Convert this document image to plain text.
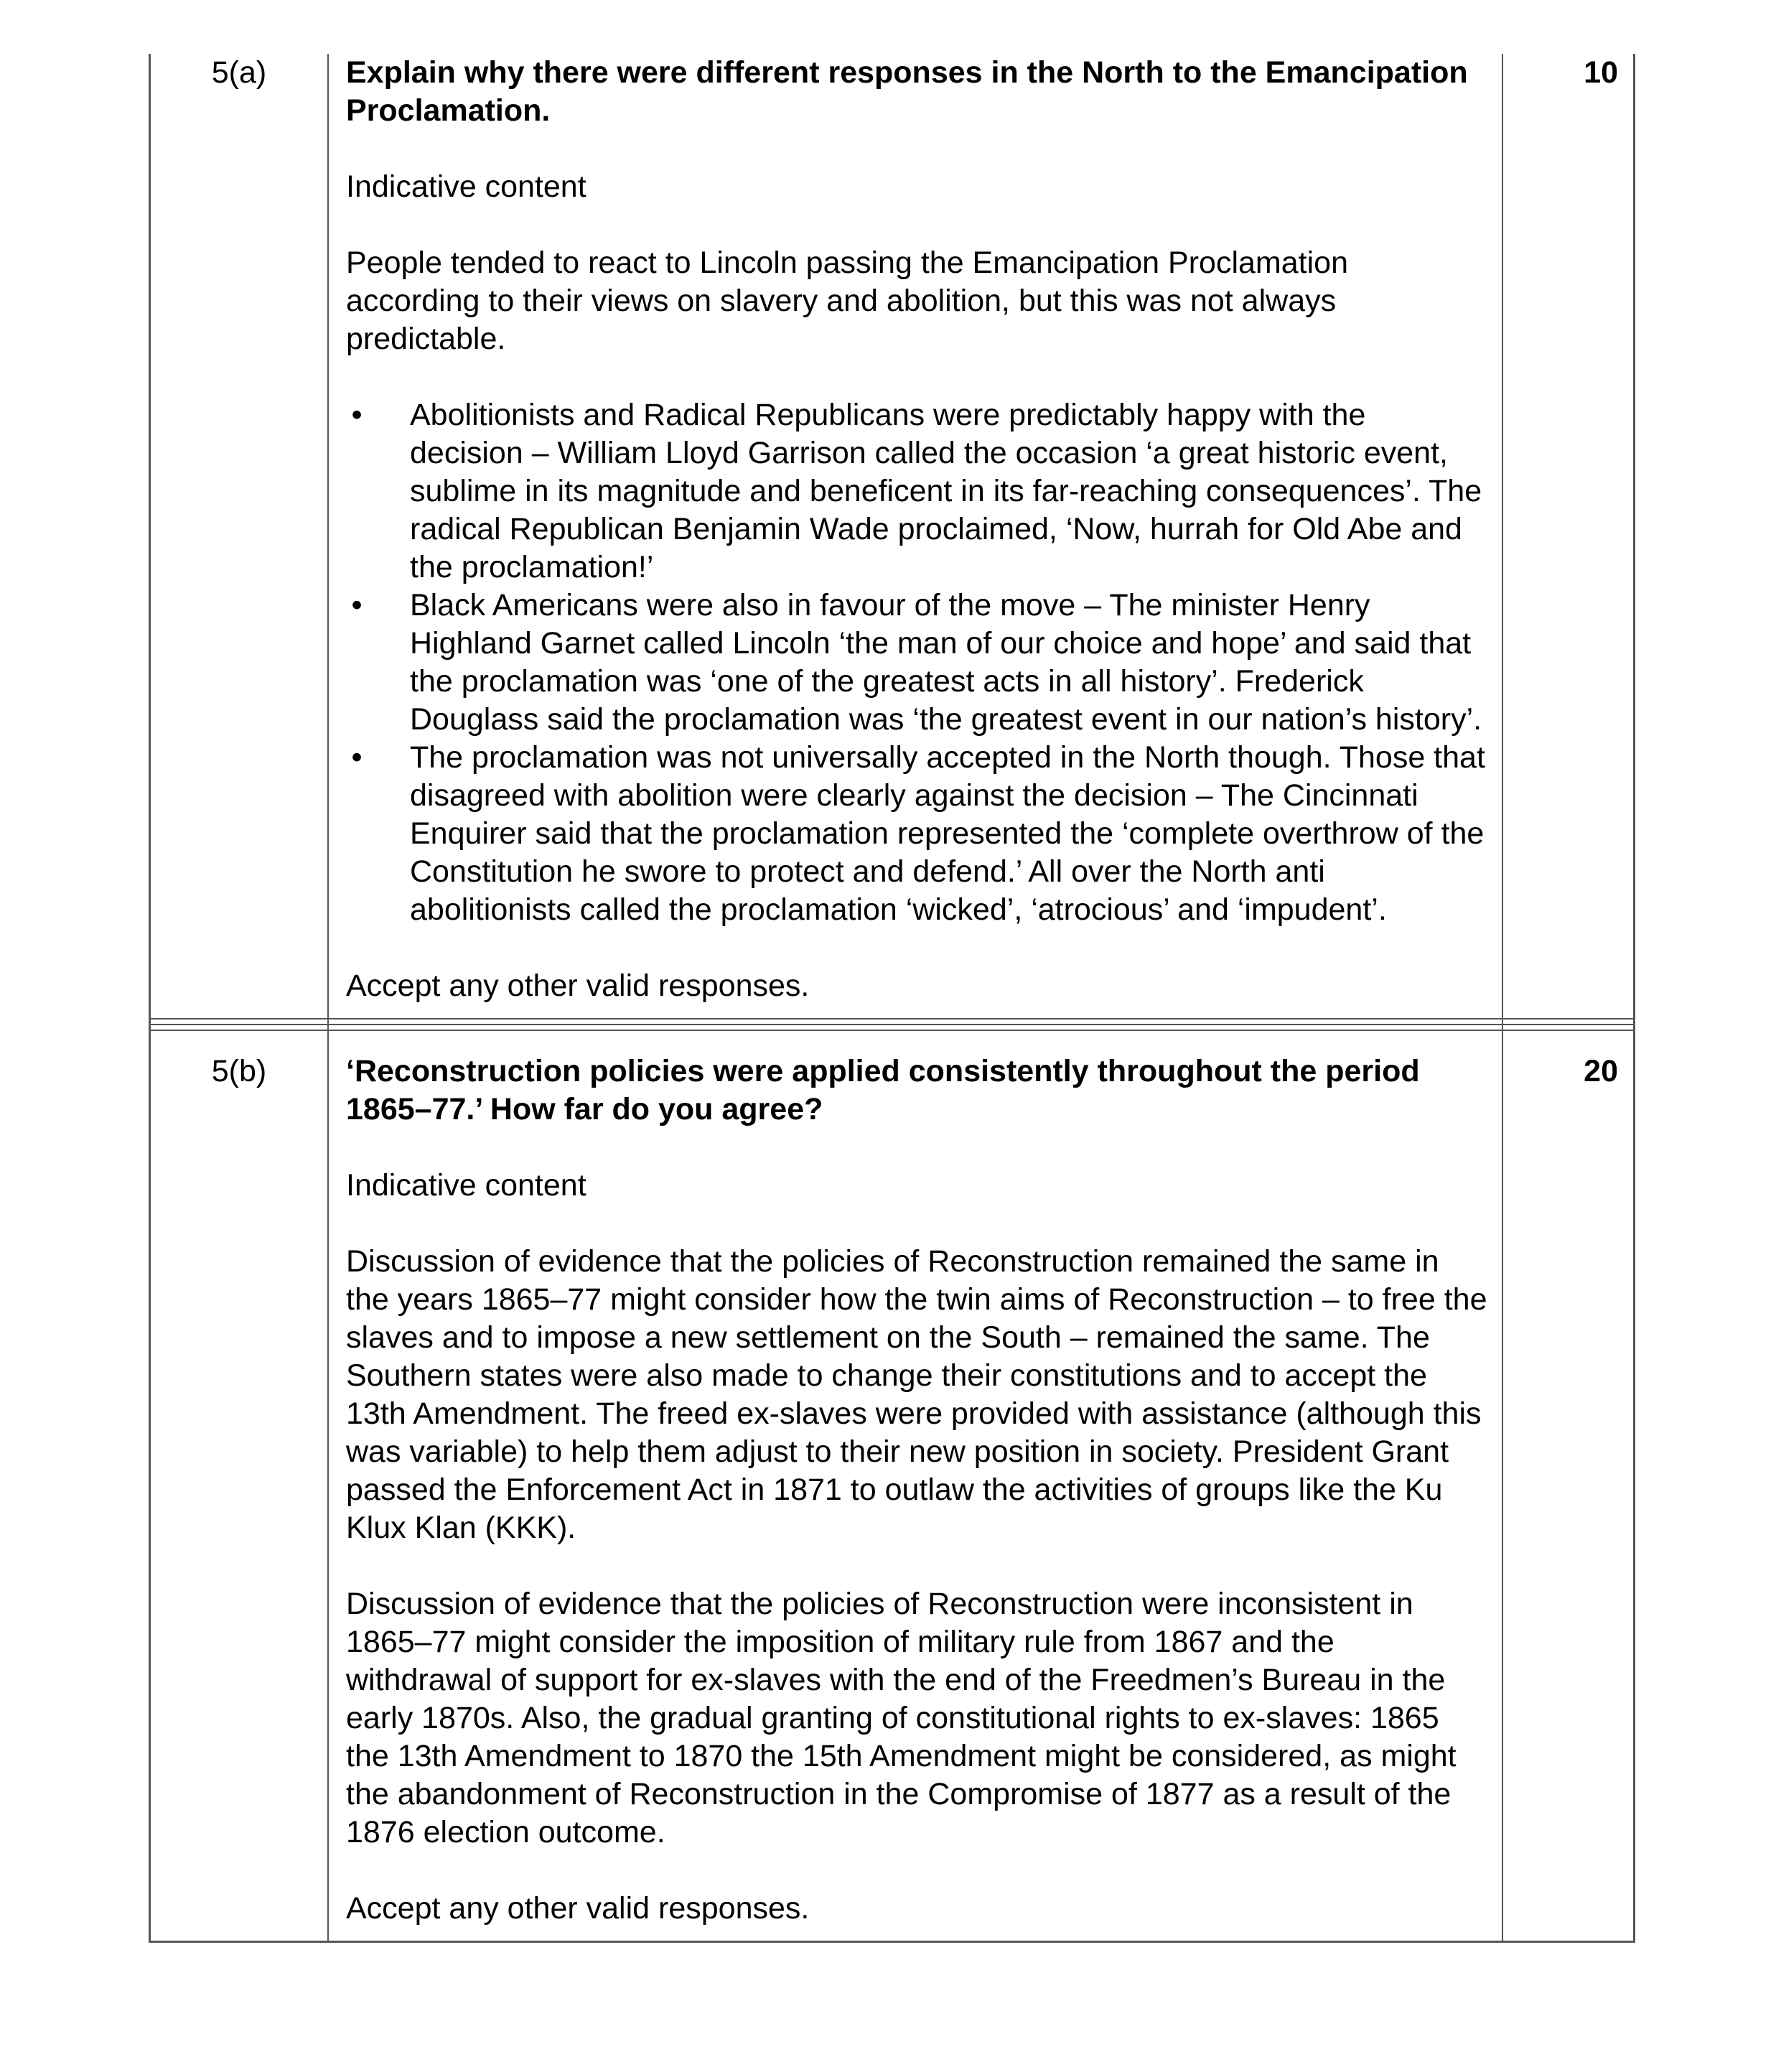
5(a)	Explain why there were different responses in the North to the Emancipation Proclamation.

Indicative content

People tended to react to Lincoln passing the Emancipation Proclamation according to their views on slavery and abolition, but this was not always predictable.

• Abolitionists and Radical Republicans were predictably happy with the decision – William Lloyd Garrison called the occasion ‘a great historic event, sublime in its magnitude and beneficent in its far-reaching consequences’. The radical Republican Benjamin Wade proclaimed, ‘Now, hurrah for Old Abe and the proclamation!’
• Black Americans were also in favour of the move – The minister Henry Highland Garnet called Lincoln ‘the man of our choice and hope’ and said that the proclamation was ‘one of the greatest acts in all history’. Frederick Douglass said the proclamation was ‘the greatest event in our nation’s history’.
• The proclamation was not universally accepted in the North though. Those that disagreed with abolition were clearly against the decision – The Cincinnati Enquirer said that the proclamation represented the ‘complete overthrow of the Constitution he swore to protect and defend.’ All over the North anti abolitionists called the proclamation ‘wicked’, ‘atrocious’ and ‘impudent’.

Accept any other valid responses.

10
5(b)	‘Reconstruction policies were applied consistently throughout the period 1865–77.’ How far do you agree?

Indicative content

Discussion of evidence that the policies of Reconstruction remained the same in the years 1865–77 might consider how the twin aims of Reconstruction – to free the slaves and to impose a new settlement on the South – remained the same. The Southern states were also made to change their constitutions and to accept the 13th Amendment. The freed ex-slaves were provided with assistance (although this was variable) to help them adjust to their new position in society. President Grant passed the Enforcement Act in 1871 to outlaw the activities of groups like the Ku Klux Klan (KKK).

Discussion of evidence that the policies of Reconstruction were inconsistent in 1865–77 might consider the imposition of military rule from 1867 and the withdrawal of support for ex-slaves with the end of the Freedmen’s Bureau in the early 1870s. Also, the gradual granting of constitutional rights to ex-slaves: 1865 the 13th Amendment to 1870 the 15th Amendment might be considered, as might the abandonment of Reconstruction in the Compromise of 1877 as a result of the 1876 election outcome.

Accept any other valid responses.

20
